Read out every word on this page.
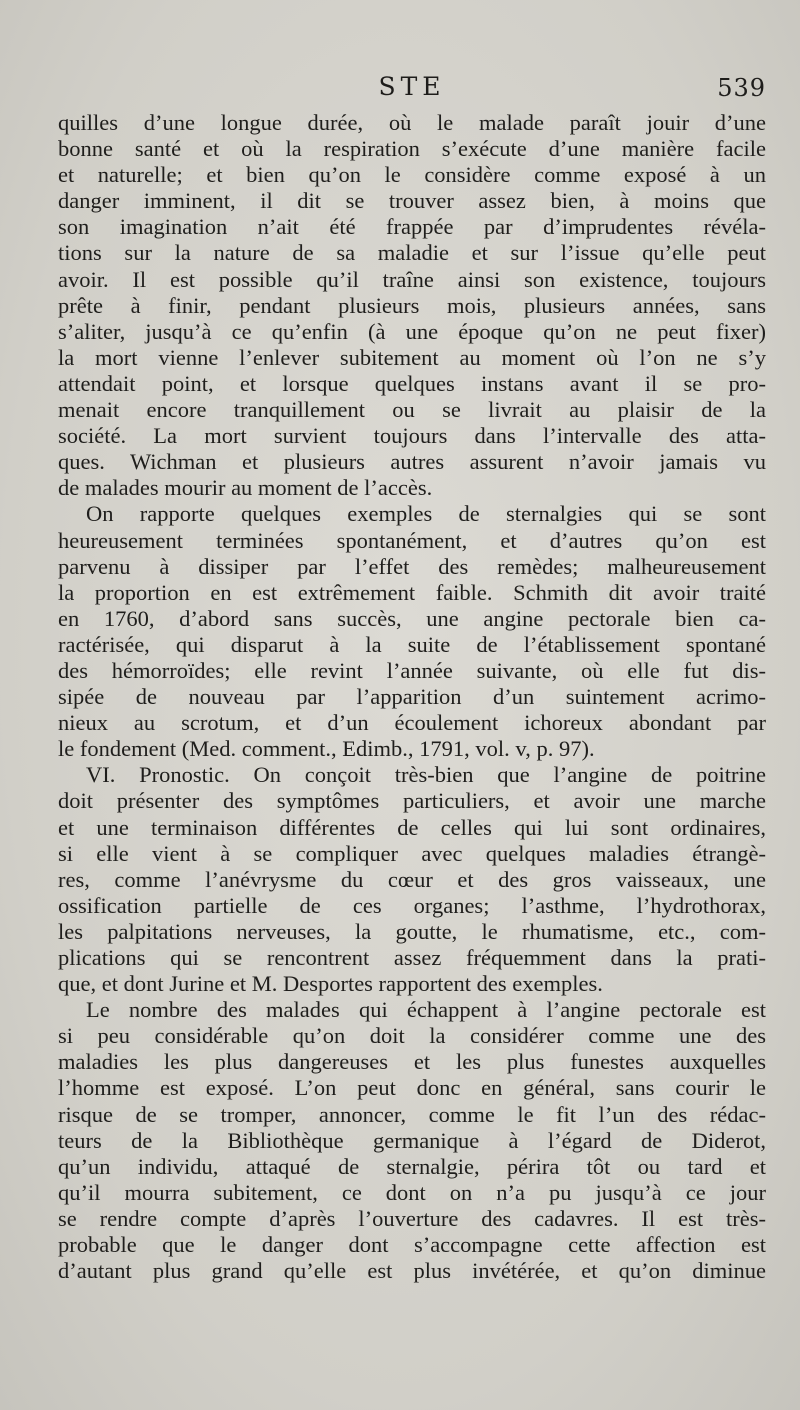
STE	539
quilles d’une longue durée, où le malade paraît jouir d’une
bonne santé et où la respiration s’exécute d’une manière facile
et naturelle; et bien qu’on le considère comme exposé à un
danger imminent, il dit se trouver assez bien, à moins que
son imagination n’ait été frappée par d’imprudentes révéla-
tions sur la nature de sa maladie et sur l’issue qu’elle peut
avoir. Il est possible qu’il traîne ainsi son existence, toujours
prête à finir, pendant plusieurs mois, plusieurs années, sans
s’aliter, jusqu’à ce qu’enfin (à une époque qu’on ne peut fixer)
la mort vienne l’enlever subitement au moment où l’on ne s’y
attendait point, et lorsque quelques instans avant il se pro-
menait encore tranquillement ou se livrait au plaisir de la
société. La mort survient toujours dans l’intervalle des atta-
ques. Wichman et plusieurs autres assurent n’avoir jamais vu
de malades mourir au moment de l’accès.
On rapporte quelques exemples de sternalgies qui se sont
heureusement terminées spontanément, et d’autres qu’on est
parvenu à dissiper par l’effet des remèdes; malheureusement
la proportion en est extrêmement faible. Schmith dit avoir traité
en 1760, d’abord sans succès, une angine pectorale bien ca-
ractérisée, qui disparut à la suite de l’établissement spontané
des hémorroïdes; elle revint l’année suivante, où elle fut dis-
sipée de nouveau par l’apparition d’un suintement acrimo-
nieux au scrotum, et d’un écoulement ichoreux abondant par
le fondement (Med. comment., Edimb., 1791, vol. v, p. 97).
VI. Pronostic. On conçoit très-bien que l’angine de poitrine
doit présenter des symptômes particuliers, et avoir une marche
et une terminaison différentes de celles qui lui sont ordinaires,
si elle vient à se compliquer avec quelques maladies étrangè-
res, comme l’anévrysme du cœur et des gros vaisseaux, une
ossification partielle de ces organes; l’asthme, l’hydrothorax,
les palpitations nerveuses, la goutte, le rhumatisme, etc., com-
plications qui se rencontrent assez fréquemment dans la prati-
que, et dont Jurine et M. Desportes rapportent des exemples.
Le nombre des malades qui échappent à l’angine pectorale est
si peu considérable qu’on doit la considérer comme une des
maladies les plus dangereuses et les plus funestes auxquelles
l’homme est exposé. L’on peut donc en général, sans courir le
risque de se tromper, annoncer, comme le fit l’un des rédac-
teurs de la Bibliothèque germanique à l’égard de Diderot,
qu’un individu, attaqué de sternalgie, périra tôt ou tard et
qu’il mourra subitement, ce dont on n’a pu jusqu’à ce jour
se rendre compte d’après l’ouverture des cadavres. Il est très-
probable que le danger dont s’accompagne cette affection est
d’autant plus grand qu’elle est plus invétérée, et qu’on diminue
